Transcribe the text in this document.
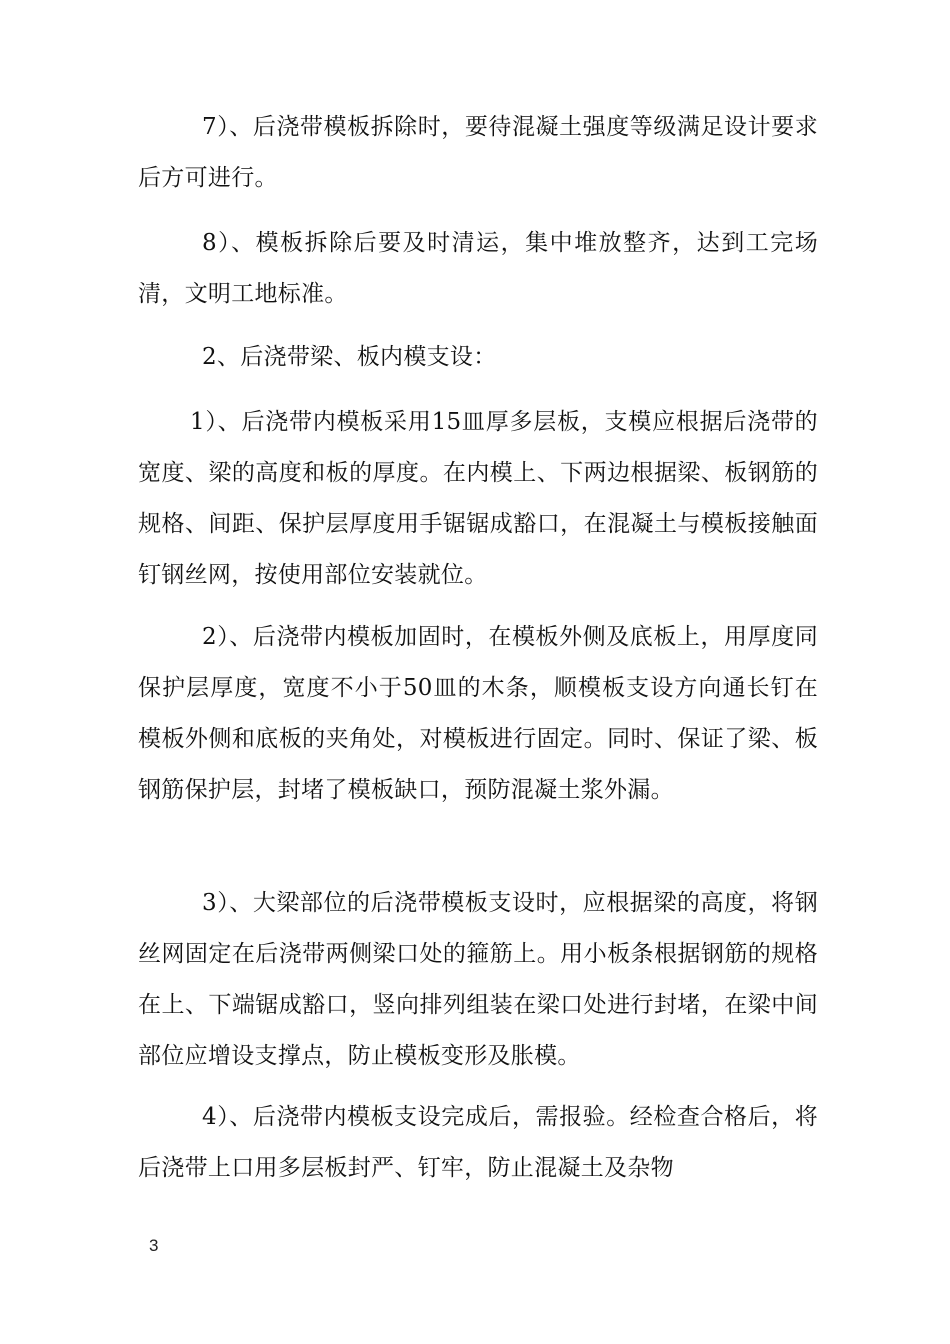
7）、后浇带模板拆除时，要待混凝土强度等级满足设计要求后方可进行。

8）、模板拆除后要及时清运，集中堆放整齐，达到工完场清，文明工地标准。

2、后浇带梁、板内模支设：

1）、后浇带内模板采用15皿厚多层板，支模应根据后浇带的宽度、梁的高度和板的厚度。在内模上、下两边根据梁、板钢筋的规格、间距、保护层厚度用手锯锯成豁口，在混凝土与模板接触面钉钢丝网，按使用部位安装就位。

2）、后浇带内模板加固时，在模板外侧及底板上，用厚度同保护层厚度，宽度不小于50皿的木条，顺模板支设方向通长钉在模板外侧和底板的夹角处，对模板进行固定。同时、保证了梁、板钢筋保护层，封堵了模板缺口，预防混凝土浆外漏。

3）、大梁部位的后浇带模板支设时，应根据梁的高度，将钢丝网固定在后浇带两侧梁口处的箍筋上。用小板条根据钢筋的规格在上、下端锯成豁口，竖向排列组装在梁口处进行封堵，在梁中间部位应增设支撑点，防止模板变形及胀模。

4）、后浇带内模板支设完成后，需报验。经检查合格后，将后浇带上口用多层板封严、钉牢，防止混凝土及杂物

3
